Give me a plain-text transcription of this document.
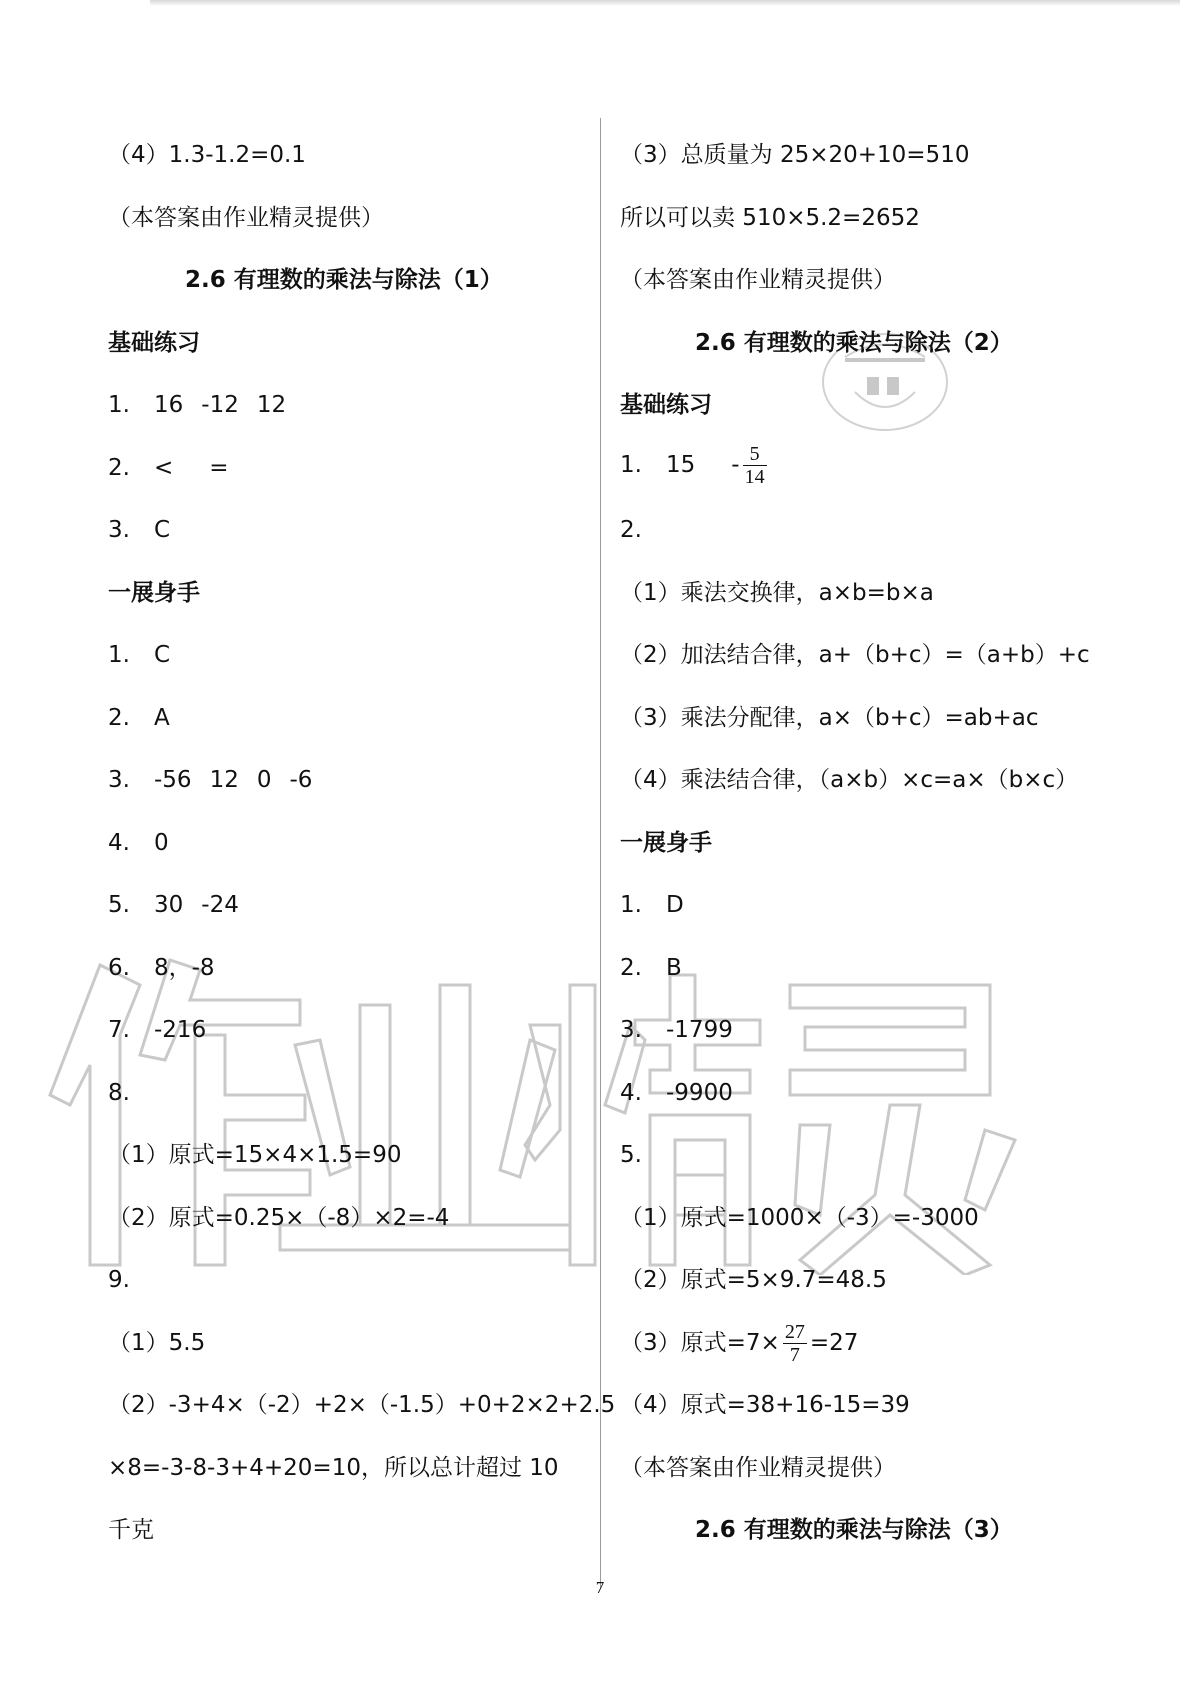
（4）1.3-1.2=0.1
（本答案由作业精灵提供）
2.6 有理数的乘法与除法（1）
基础练习
1. 16 -12 12
2. < =
3. C
一展身手
1. C
2. A
3. -56 12 0 -6
4. 0
5. 30 -24
6. 8，-8
7. -216
8.
（1）原式=15×4×1.5=90
（2）原式=0.25×（-8）×2=-4
9.
（1）5.5
（2）-3+4×（-2）+2×（-1.5）+0+2×2+2.5
×8=-3-8-3+4+20=10，所以总计超过 10
千克
（3）总质量为 25×20+10=510
所以可以卖 510×5.2=2652
（本答案由作业精灵提供）
2.6 有理数的乘法与除法（2）
基础练习
1. $15 - \frac{5}{14}$
2.
（1）乘法交换律，a×b=b×a
（2）加法结合律，a+（b+c）=（a+b）+c
（3）乘法分配律，a×（b+c）=ab+ac
（4）乘法结合律，（a×b）×c=a×（b×c）
一展身手
1. D
2. B
3. -1799
4. -9900
5.
（1）原式=1000×（-3）=-3000
（2）原式=5×9.7=48.5
（3）原式$=7\times \frac{27}{7} =27$
（4）原式=38+16-15=39
（本答案由作业精灵提供）
2.6 有理数的乘法与除法（3）
7
